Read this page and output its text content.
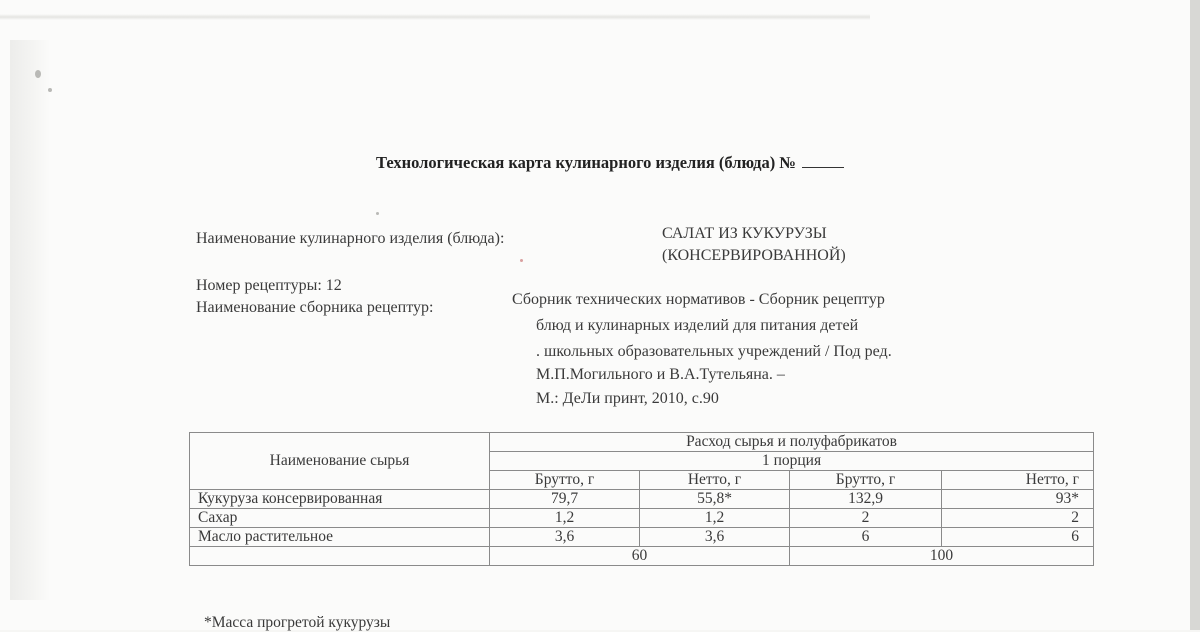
Технологическая карта кулинарного изделия (блюда) №
Наименование кулинарного изделия (блюда):	САЛАТ ИЗ КУКУРУЗЫ
(КОНСЕРВИРОВАННОЙ)
Номер рецептуры: 12
Наименование сборника рецептур:	Сборник технических нормативов - Сборник рецептур
блюд и кулинарных изделий для питания детей
. школьных образовательных учреждений / Под ред.
М.П.Могильного и В.А.Тутельяна. –
М.: ДеЛи принт, 2010, с.90
Наименование сырья	Расход сырья и полуфабрикатов			
	1 порция			
	Брутто, г	Нетто, г	Брутто, г	Нетто, г
Кукуруза консервированная	79,7	55,8*	132,9	93*
Сахар	1,2	1,2	2	2
Масло растительное	3,6	3,6	6	6
	60		100	
*Масса прогретой кукурузы
